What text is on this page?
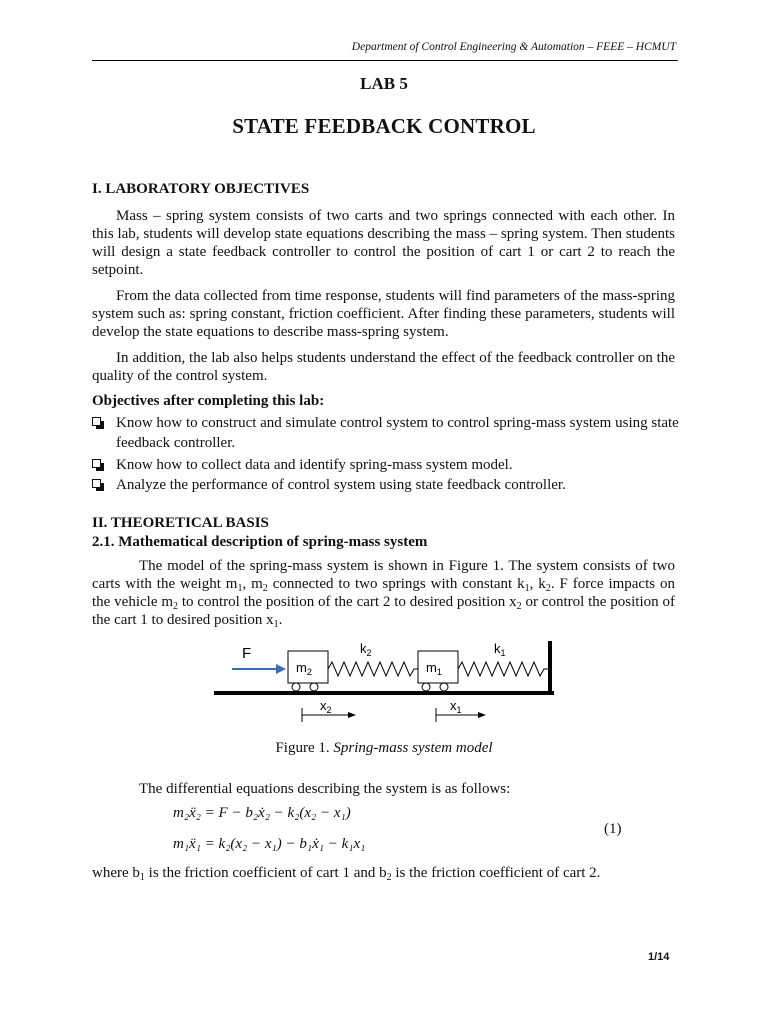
Department of Control Engineering & Automation – FEEE – HCMUT
LAB 5
STATE FEEDBACK CONTROL
I. LABORATORY OBJECTIVES
Mass – spring system consists of two carts and two springs connected with each other. In this lab, students will develop state equations describing the mass – spring system. Then students will design a state feedback controller to control the position of cart 1 or cart 2 to reach the setpoint.
From the data collected from time response, students will find parameters of the mass-spring system such as: spring constant, friction coefficient. After finding these parameters, students will develop the state equations to describe mass-spring system.
In addition, the lab also helps students understand the effect of the feedback controller on the quality of the control system.
Objectives after completing this lab:
Know how to construct and simulate control system to control spring-mass system using state feedback controller.
Know how to collect data and identify spring-mass system model.
Analyze the performance of control system using state feedback controller.
II. THEORETICAL BASIS
2.1. Mathematical description of spring-mass system
The model of the spring-mass system is shown in Figure 1. The system consists of two carts with the weight $m_1$, $m_2$ connected to two springs with constant $k_1$, $k_2$. F force impacts on the vehicle $m_2$ to control the position of the cart 2 to desired position $x_2$ or control the position of the cart 1 to desired position $x_1$.
F
$m_2$
$k_2$
$m_1$
$k_1$
$x_2$	$x_1$
Figure 1. Spring-mass system model
The differential equations describing the system is as follows:
m₂ẍ₂ = F − b₂ẋ₂ − k₂(x₂ − x₁)
m₁ẍ₁ = k₂(x₂ − x₁) − b₁ẋ₁ − k₁x₁
(1)
where $b_1$ is the friction coefficient of cart 1 and $b_2$ is the friction coefficient of cart 2.
1/14
